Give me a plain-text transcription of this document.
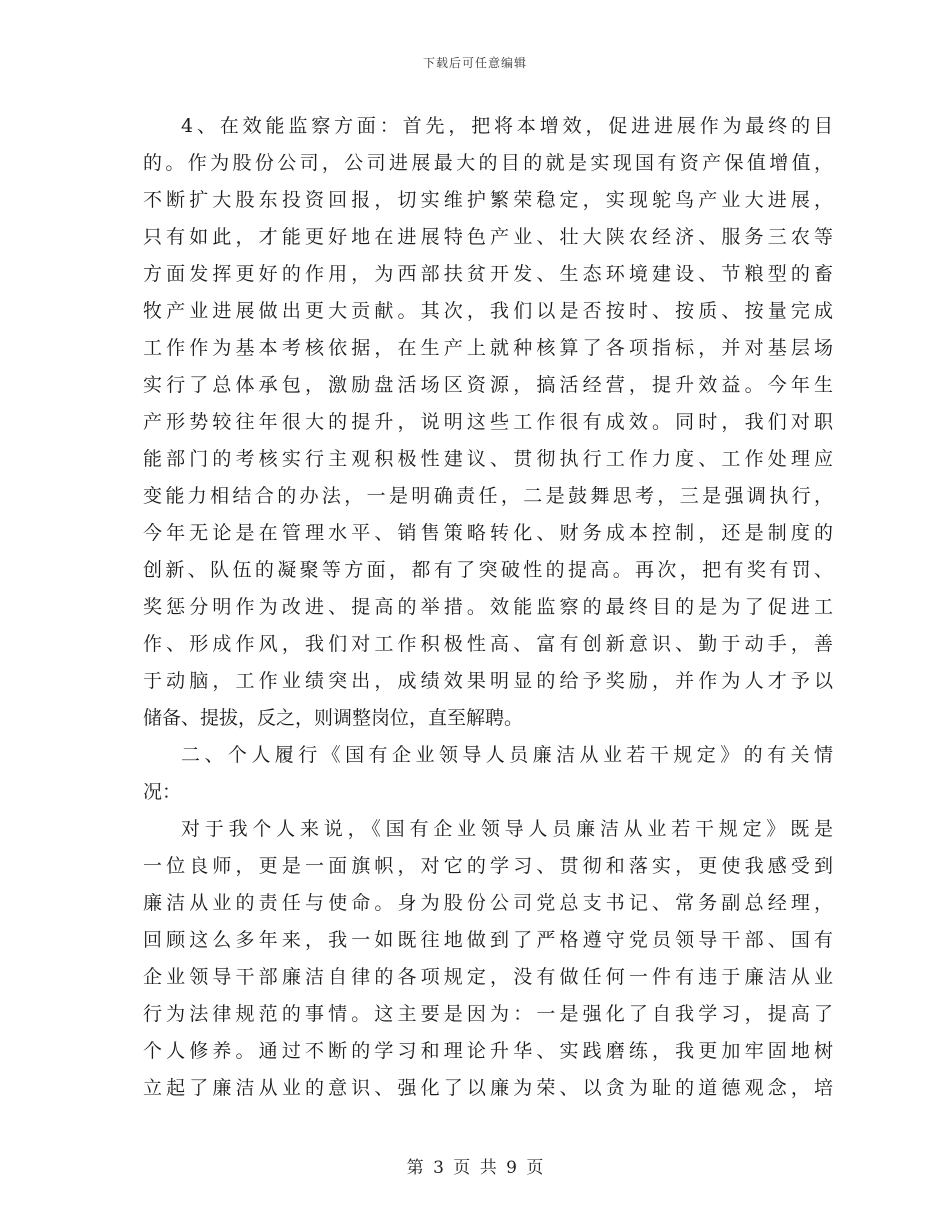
下载后可任意编辑
4、在效能监察方面：首先，把将本增效，促进进展作为最终的目
的。作为股份公司，公司进展最大的目的就是实现国有资产保值增值，
不断扩大股东投资回报，切实维护繁荣稳定，实现鸵鸟产业大进展，
只有如此，才能更好地在进展特色产业、壮大陕农经济、服务三农等
方面发挥更好的作用，为西部扶贫开发、生态环境建设、节粮型的畜
牧产业进展做出更大贡献。其次，我们以是否按时、按质、按量完成
工作作为基本考核依据，在生产上就种核算了各项指标，并对基层场
实行了总体承包，激励盘活场区资源，搞活经营，提升效益。今年生
产形势较往年很大的提升，说明这些工作很有成效。同时，我们对职
能部门的考核实行主观积极性建议、贯彻执行工作力度、工作处理应
变能力相结合的办法，一是明确责任，二是鼓舞思考，三是强调执行，
今年无论是在管理水平、销售策略转化、财务成本控制，还是制度的
创新、队伍的凝聚等方面，都有了突破性的提高。再次，把有奖有罚、
奖惩分明作为改进、提高的举措。效能监察的最终目的是为了促进工
作、形成作风，我们对工作积极性高、富有创新意识、勤于动手，善
于动脑，工作业绩突出，成绩效果明显的给予奖励，并作为人才予以
储备、提拔，反之，则调整岗位，直至解聘。
二、个人履行《国有企业领导人员廉洁从业若干规定》的有关情
况：
对于我个人来说，《国有企业领导人员廉洁从业若干规定》既是
一位良师，更是一面旗帜，对它的学习、贯彻和落实，更使我感受到
廉洁从业的责任与使命。身为股份公司党总支书记、常务副总经理，
回顾这么多年来，我一如既往地做到了严格遵守党员领导干部、国有
企业领导干部廉洁自律的各项规定，没有做任何一件有违于廉洁从业
行为法律规范的事情。这主要是因为：一是强化了自我学习，提高了
个人修养。通过不断的学习和理论升华、实践磨练，我更加牢固地树
立起了廉洁从业的意识、强化了以廉为荣、以贪为耻的道德观念，培
第 3 页 共 9 页
